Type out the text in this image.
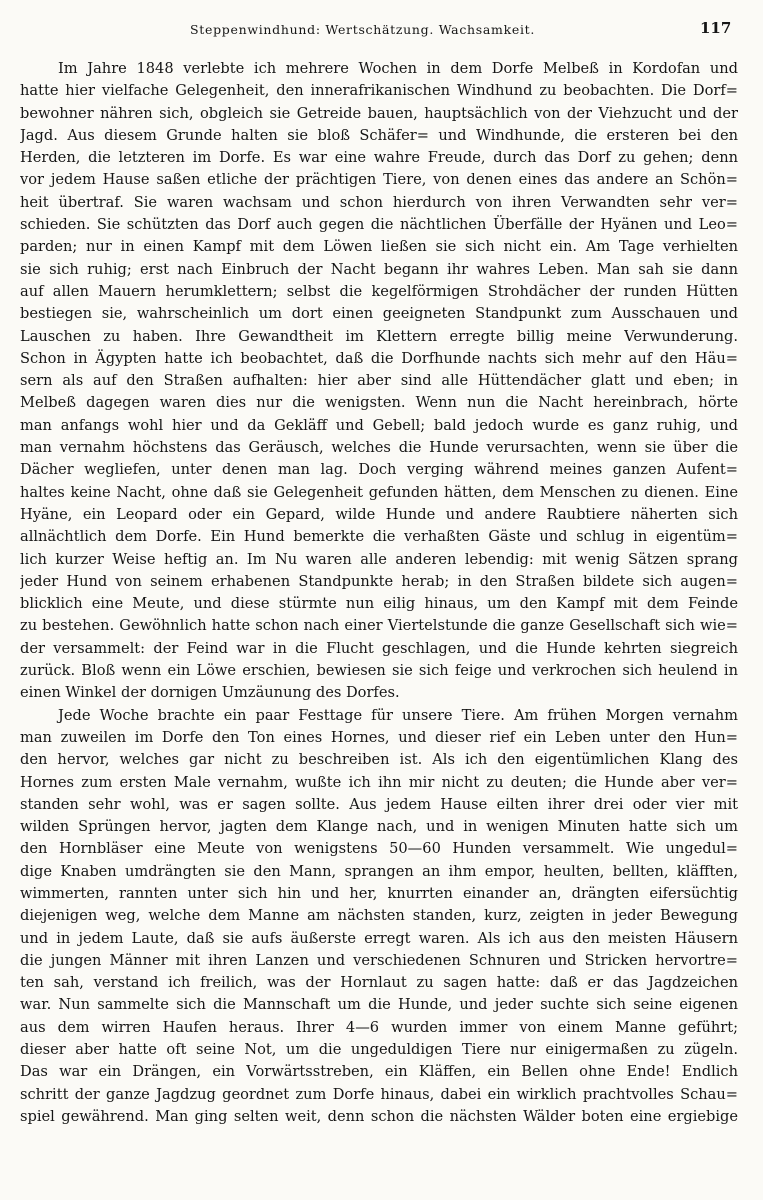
Steppenwindhund: Wertschätzung. Wachsamkeit.	117
Im Jahre 1848 verlebte ich mehrere Wochen in dem Dorfe Melbeß in Kordofan und
hatte hier vielfache Gelegenheit, den innerafrikanischen Windhund zu beobachten. Die Dorf=
bewohner nähren sich, obgleich sie Getreide bauen, hauptsächlich von der Viehzucht und der
Jagd. Aus diesem Grunde halten sie bloß Schäfer= und Windhunde, die ersteren bei den
Herden, die letzteren im Dorfe. Es war eine wahre Freude, durch das Dorf zu gehen; denn
vor jedem Hause saßen etliche der prächtigen Tiere, von denen eines das andere an Schön=
heit übertraf. Sie waren wachsam und schon hierdurch von ihren Verwandten sehr ver=
schieden. Sie schützten das Dorf auch gegen die nächtlichen Überfälle der Hyänen und Leo=
parden; nur in einen Kampf mit dem Löwen ließen sie sich nicht ein. Am Tage verhielten
sie sich ruhig; erst nach Einbruch der Nacht begann ihr wahres Leben. Man sah sie dann
auf allen Mauern herumklettern; selbst die kegelförmigen Strohdächer der runden Hütten
bestiegen sie, wahrscheinlich um dort einen geeigneten Standpunkt zum Ausschauen und
Lauschen zu haben. Ihre Gewandtheit im Klettern erregte billig meine Verwunderung.
Schon in Ägypten hatte ich beobachtet, daß die Dorfhunde nachts sich mehr auf den Häu=
sern als auf den Straßen aufhalten: hier aber sind alle Hüttendächer glatt und eben; in
Melbeß dagegen waren dies nur die wenigsten. Wenn nun die Nacht hereinbrach, hörte
man anfangs wohl hier und da Gekläff und Gebell; bald jedoch wurde es ganz ruhig, und
man vernahm höchstens das Geräusch, welches die Hunde verursachten, wenn sie über die
Dächer wegliefen, unter denen man lag. Doch verging während meines ganzen Aufent=
haltes keine Nacht, ohne daß sie Gelegenheit gefunden hätten, dem Menschen zu dienen. Eine
Hyäne, ein Leopard oder ein Gepard, wilde Hunde und andere Raubtiere näherten sich
allnächtlich dem Dorfe. Ein Hund bemerkte die verhaßten Gäste und schlug in eigentüm=
lich kurzer Weise heftig an. Im Nu waren alle anderen lebendig: mit wenig Sätzen sprang
jeder Hund von seinem erhabenen Standpunkte herab; in den Straßen bildete sich augen=
blicklich eine Meute, und diese stürmte nun eilig hinaus, um den Kampf mit dem Feinde
zu bestehen. Gewöhnlich hatte schon nach einer Viertelstunde die ganze Gesellschaft sich wie=
der versammelt: der Feind war in die Flucht geschlagen, und die Hunde kehrten siegreich
zurück. Bloß wenn ein Löwe erschien, bewiesen sie sich feige und verkrochen sich heulend in
einen Winkel der dornigen Umzäunung des Dorfes.
Jede Woche brachte ein paar Festtage für unsere Tiere. Am frühen Morgen vernahm
man zuweilen im Dorfe den Ton eines Hornes, und dieser rief ein Leben unter den Hun=
den hervor, welches gar nicht zu beschreiben ist. Als ich den eigentümlichen Klang des
Hornes zum ersten Male vernahm, wußte ich ihn mir nicht zu deuten; die Hunde aber ver=
standen sehr wohl, was er sagen sollte. Aus jedem Hause eilten ihrer drei oder vier mit
wilden Sprüngen hervor, jagten dem Klange nach, und in wenigen Minuten hatte sich um
den Hornbläser eine Meute von wenigstens 50—60 Hunden versammelt. Wie ungedul=
dige Knaben umdrängten sie den Mann, sprangen an ihm empor, heulten, bellten, kläfften,
wimmerten, rannten unter sich hin und her, knurrten einander an, drängten eifersüchtig
diejenigen weg, welche dem Manne am nächsten standen, kurz, zeigten in jeder Bewegung
und in jedem Laute, daß sie aufs äußerste erregt waren. Als ich aus den meisten Häusern
die jungen Männer mit ihren Lanzen und verschiedenen Schnuren und Stricken hervortre=
ten sah, verstand ich freilich, was der Hornlaut zu sagen hatte: daß er das Jagdzeichen
war. Nun sammelte sich die Mannschaft um die Hunde, und jeder suchte sich seine eigenen
aus dem wirren Haufen heraus. Ihrer 4—6 wurden immer von einem Manne geführt;
dieser aber hatte oft seine Not, um die ungeduldigen Tiere nur einigermaßen zu zügeln.
Das war ein Drängen, ein Vorwärtsstreben, ein Kläffen, ein Bellen ohne Ende! Endlich
schritt der ganze Jagdzug geordnet zum Dorfe hinaus, dabei ein wirklich prachtvolles Schau=
spiel gewährend. Man ging selten weit, denn schon die nächsten Wälder boten eine ergiebige
